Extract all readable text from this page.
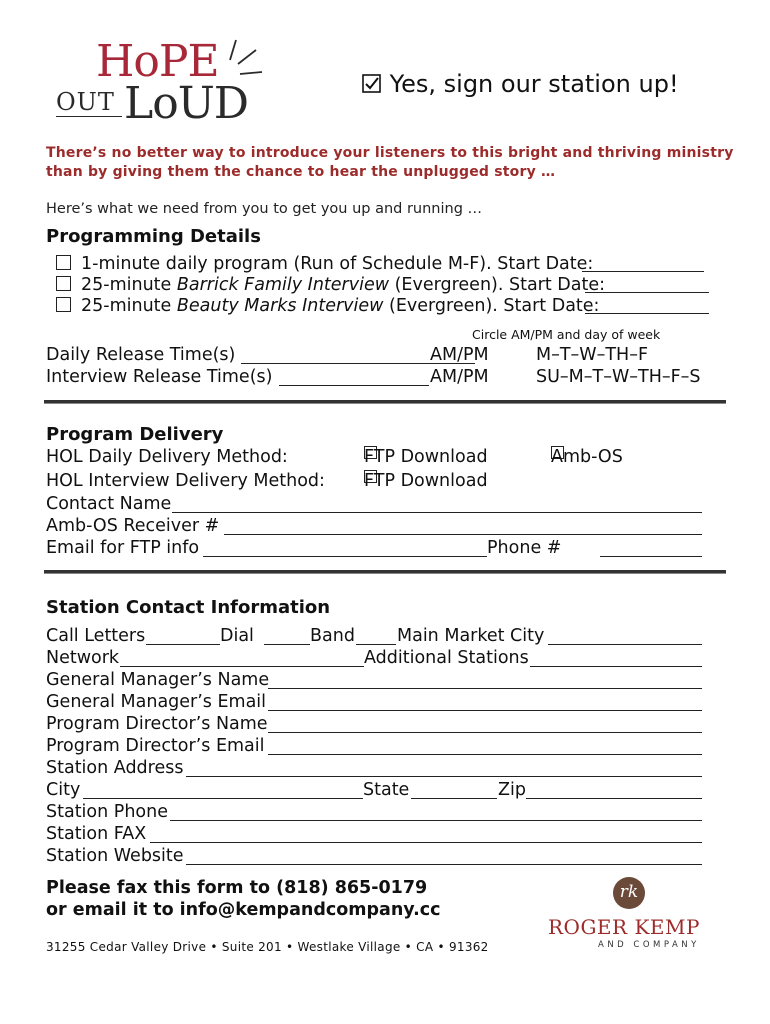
HoPE
OUT LoUD	Yes, sign our station up!
There’s no better way to introduce your listeners to this bright and thriving ministry than by giving them the chance to hear the unplugged story …
Here’s what we need from you to get you up and running …
Programming Details
1-minute daily program (Run of Schedule M-F). Start Date:
25-minute Barrick Family Interview (Evergreen). Start Date:
25-minute Beauty Marks Interview (Evergreen). Start Date:
Circle AM/PM and day of week
Daily Release Time(s)	AM/PM	M–T–W–TH–F
Interview Release Time(s)	AM/PM	SU–M–T–W–TH–F–S
Program Delivery
HOL Daily Delivery Method:	FTP Download	Amb-OS
HOL Interview Delivery Method: FTP Download
Contact Name
Amb-OS Receiver #
Email for FTP info	Phone #
Station Contact Information
Call Letters	Dial	Band Main Market City
Network	Additional Stations
General Manager’s Name
General Manager’s Email
Program Director’s Name
Program Director’s Email
Station Address
City	State	Zip
Station Phone
Station FAX
Station Website
Please fax this form to (818) 865-0179
or email it to info@kempandcompany.cc
31255 Cedar Valley Drive • Suite 201 • Westlake Village • CA • 91362
rk
ROGER KEMP
AND COMPANY
